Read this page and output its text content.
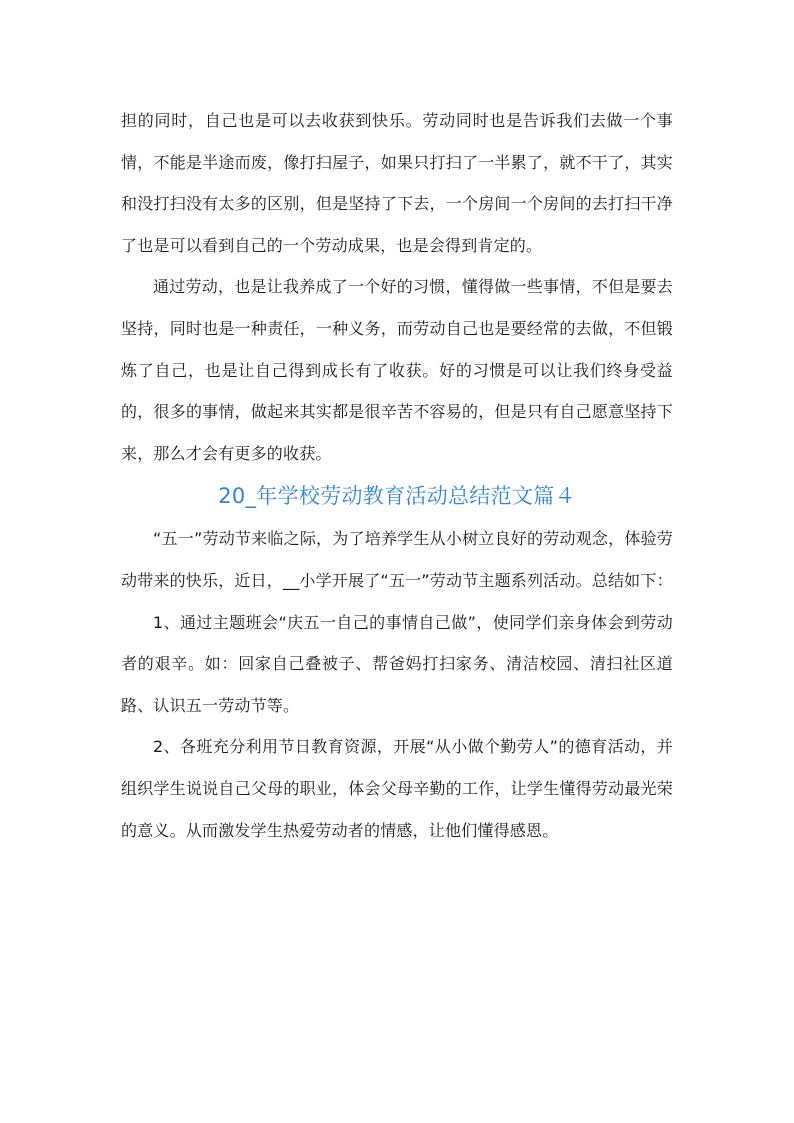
担的同时，自己也是可以去收获到快乐。劳动同时也是告诉我们去做一个事情，不能是半途而废，像打扫屋子，如果只打扫了一半累了，就不干了，其实和没打扫没有太多的区别，但是坚持了下去，一个房间一个房间的去打扫干净了也是可以看到自己的一个劳动成果，也是会得到肯定的。

通过劳动，也是让我养成了一个好的习惯，懂得做一些事情，不但是要去坚持，同时也是一种责任，一种义务，而劳动自己也是要经常的去做，不但锻炼了自己，也是让自己得到成长有了收获。好的习惯是可以让我们终身受益的，很多的事情，做起来其实都是很辛苦不容易的，但是只有自己愿意坚持下来，那么才会有更多的收获。

20_年学校劳动教育活动总结范文篇４

“五一”劳动节来临之际，为了培养学生从小树立良好的劳动观念，体验劳动带来的快乐，近日，__小学开展了“五一”劳动节主题系列活动。总结如下：

1、通过主题班会“庆五一自己的事情自己做”，使同学们亲身体会到劳动者的艰辛。如：回家自己叠被子、帮爸妈打扫家务、清洁校园、清扫社区道路、认识五一劳动节等。

2、各班充分利用节日教育资源，开展“从小做个勤劳人”的德育活动，并组织学生说说自己父母的职业，体会父母辛勤的工作，让学生懂得劳动最光荣的意义。从而激发学生热爱劳动者的情感，让他们懂得感恩。
